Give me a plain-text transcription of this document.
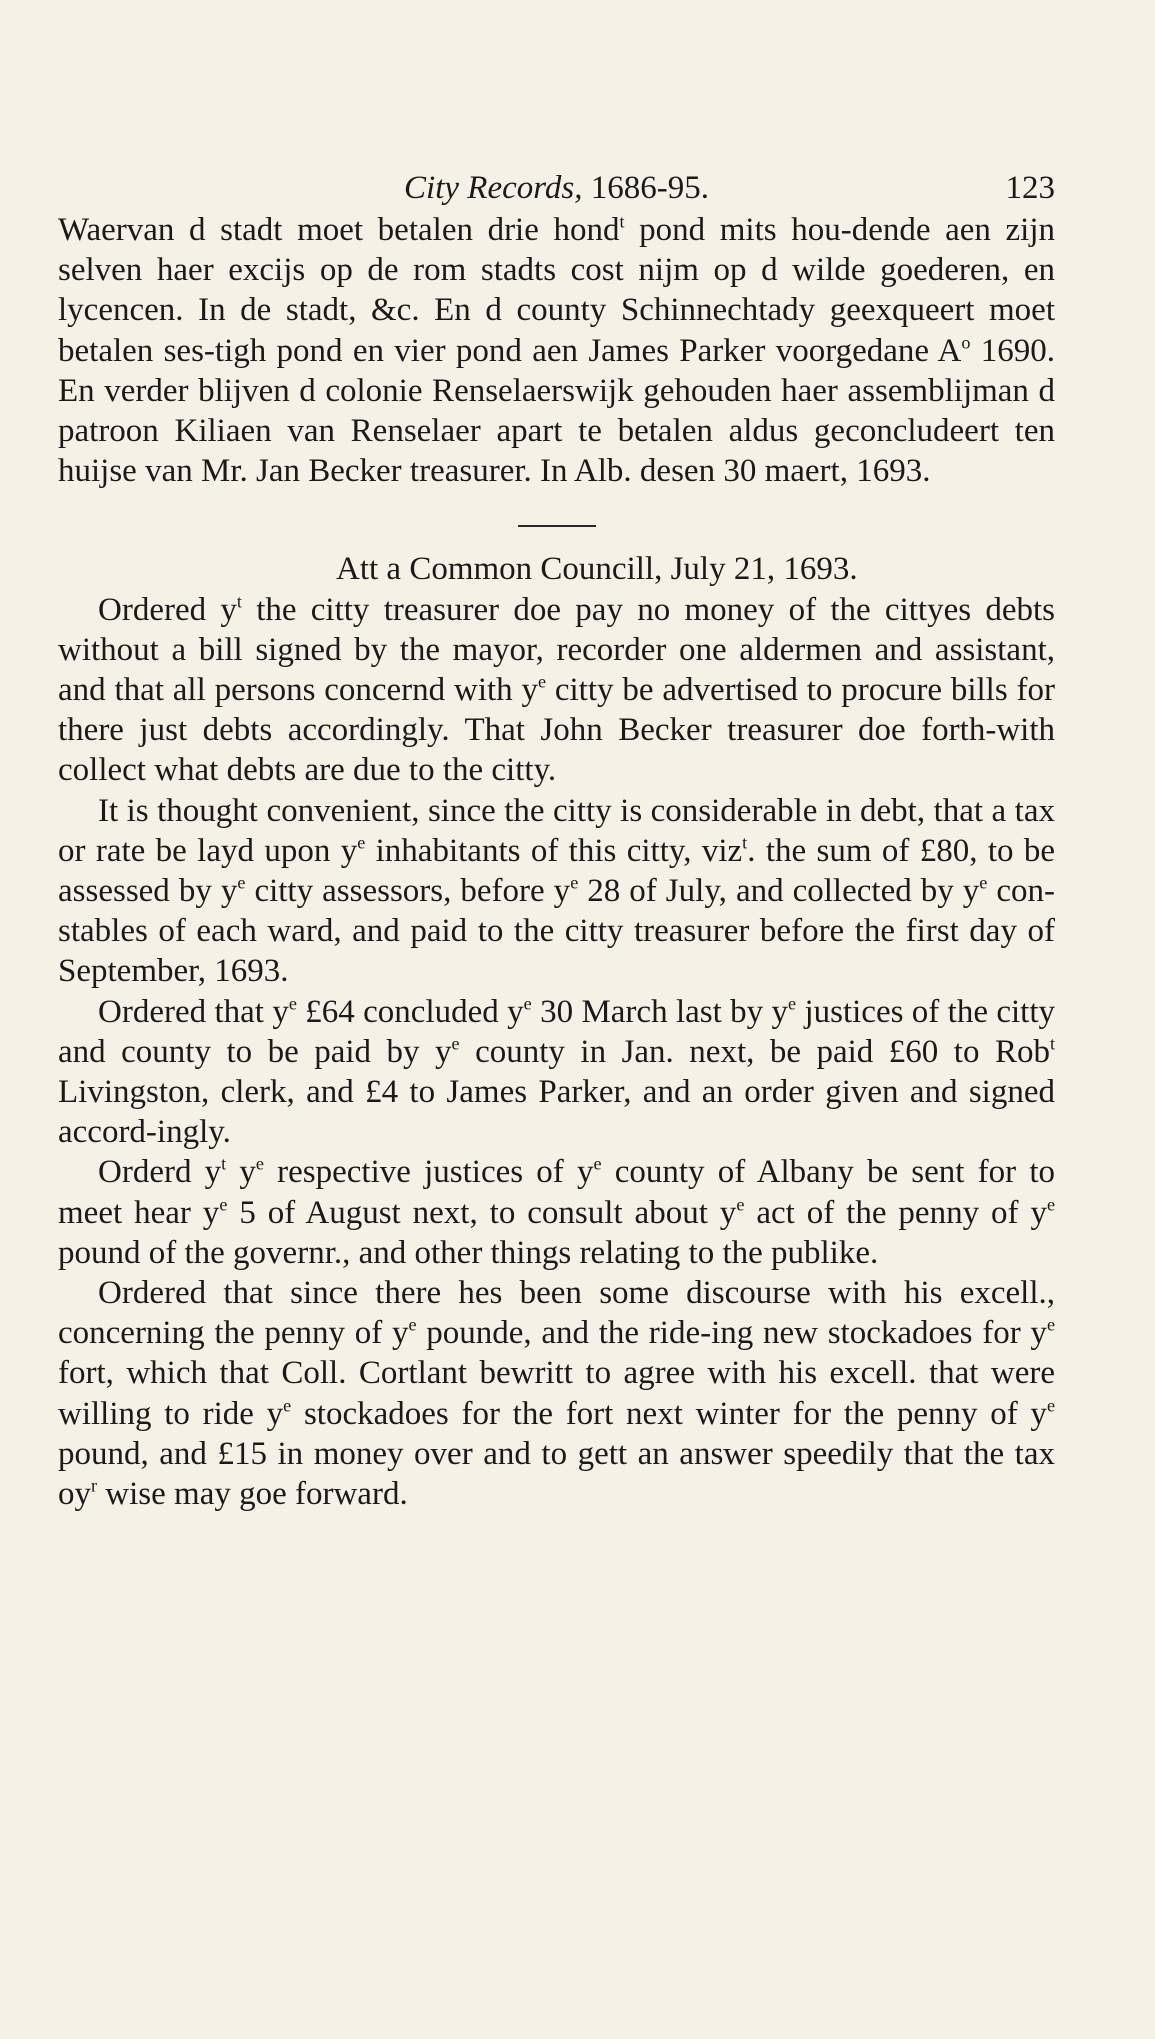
City Records, 1686-95.	123

Waervan d stadt moet betalen drie hond$^t$ pond mits hou-dende aen zijn selven haer excijs op de rom stadts cost nijm op d wilde goederen, en lycencen. In de stadt, &c. En d county Schinnechtady geexqueert moet betalen ses-tigh pond en vier pond aen James Parker voorgedane $A^o$ 1690. En verder blijven d colonie Renselaerswijk gehouden haer assemblijman d patroon Kiliaen van Renselaer apart te betalen aldus geconcludeert ten huijse van Mr. Jan Becker treasurer. In Alb. desen 30 maert, 1693.

Att a Common Councill, July 21, 1693.

Ordered $y^t$ the citty treasurer doe pay no money of the cittyes debts without a bill signed by the mayor, recorder one aldermen and assistant, and that all persons concernd with $y^e$ citty be advertised to procure bills for there just debts accordingly. That John Becker treasurer doe forth-with collect what debts are due to the citty.

It is thought convenient, since the citty is considerable in debt, that a tax or rate be layd upon $y^e$ inhabitants of this citty, viz$^t$. the sum of £80, to be assessed by $y^e$ citty assessors, before $y^e$ 28 of July, and collected by $y^e$ con-stables of each ward, and paid to the citty treasurer before the first day of September, 1693.

Ordered that $y^e$ £64 concluded $y^e$ 30 March last by $y^e$ justices of the citty and county to be paid by $y^e$ county in Jan. next, be paid £60 to Rob$^t$ Livingston, clerk, and £4 to James Parker, and an order given and signed accord-ingly.

Orderd $y^t$ $y^e$ respective justices of $y^e$ county of Albany be sent for to meet hear $y^e$ 5 of August next, to consult about $y^e$ act of the penny of $y^e$ pound of the governr., and other things relating to the publike.

Ordered that since there hes been some discourse with his excell., concerning the penny of $y^e$ pounde, and the ride-ing new stockadoes for $y^e$ fort, which that Coll. Cortlant bewritt to agree with his excell. that were willing to ride $y^e$ stockadoes for the fort next winter for the penny of $y^e$ pound, and £15 in money over and to gett an answer speedily that the tax $oy^r$ wise may goe forward.
